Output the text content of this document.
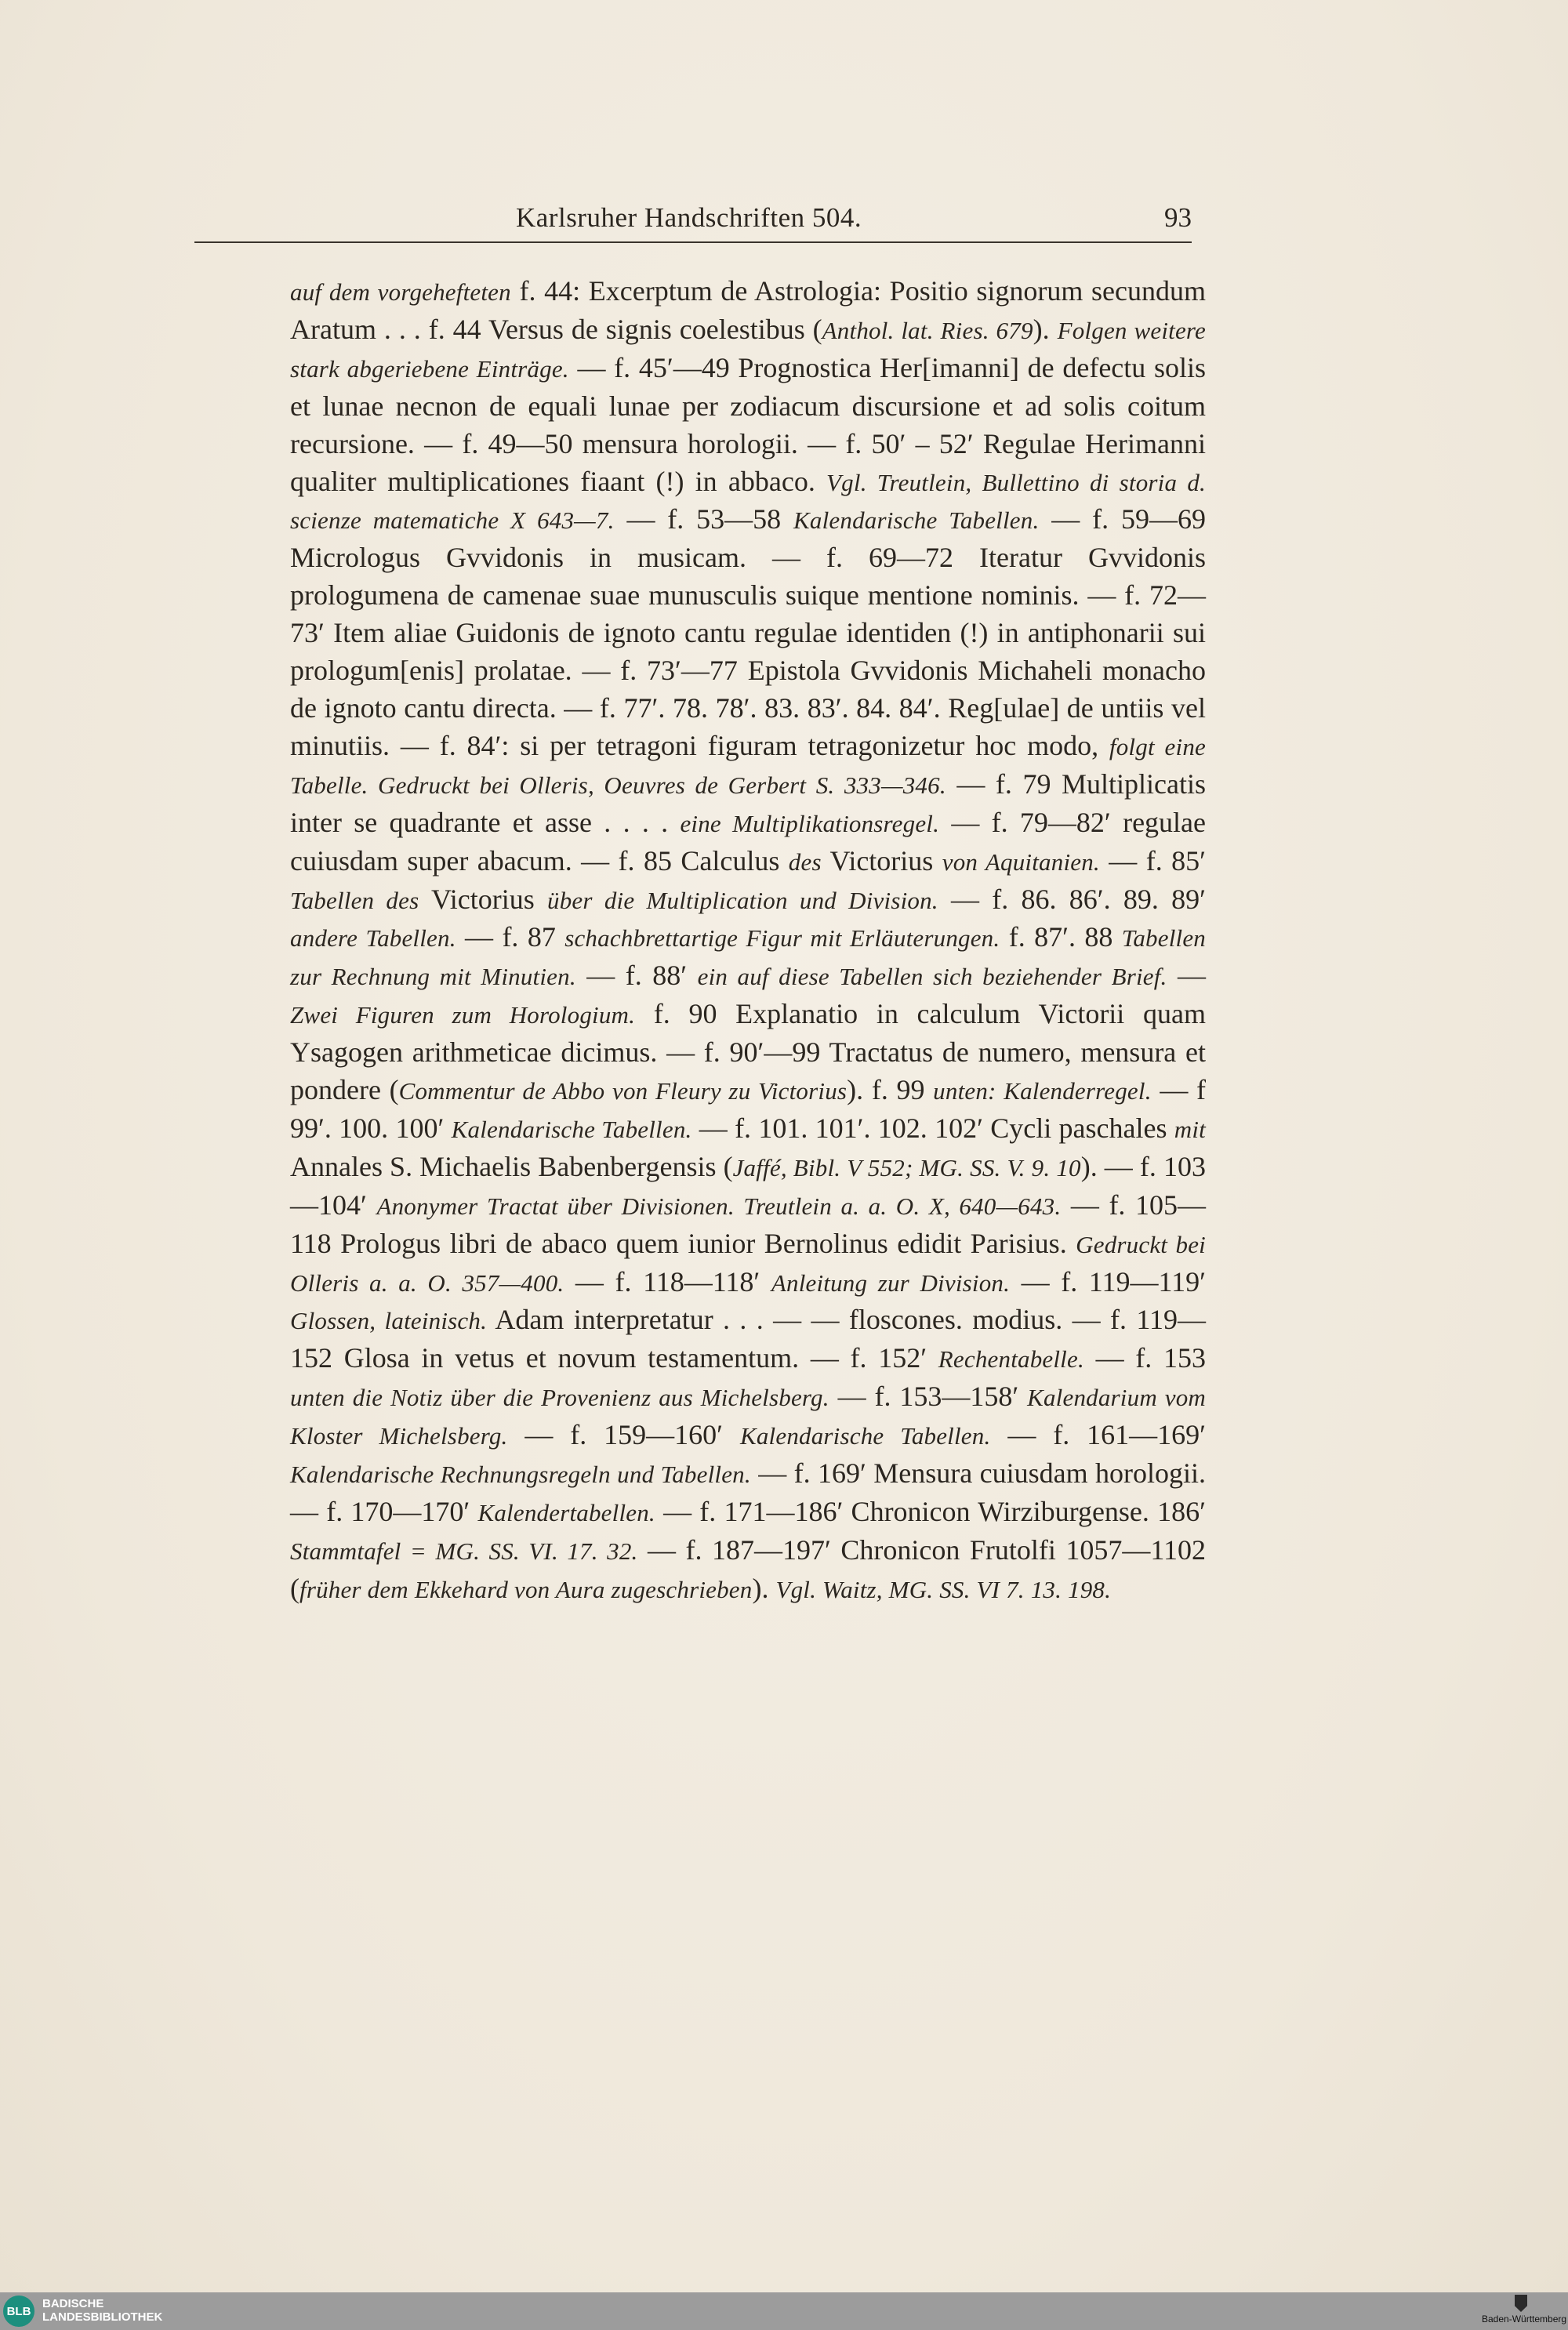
Karlsruher Handschriften 504.	93

auf dem vorgehefteten f. 44: Excerptum de Astrologia: Positio signorum secundum Aratum . . . f. 44 Versus de signis coelestibus (Anthol. lat. Ries. 679). Folgen weitere stark abgeriebene Einträge. — f. 45′—49 Prognostica Her[imanni] de defectu solis et lunae necnon de equali lunae per zodiacum discursione et ad solis coitum recursione. — f. 49—50 mensura horologii. — f. 50′ – 52′ Regulae Herimanni qualiter multiplicationes fiaant (!) in abbaco. Vgl. Treutlein, Bullettino di storia d. scienze matematiche X 643—7. — f. 53—58 Kalendarische Tabellen. — f. 59—69 Micrologus Gvvidonis in musicam. — f. 69—72 Iteratur Gvvidonis prologumena de camenae suae munusculis suique mentione nominis. — f. 72—73′ Item aliae Guidonis de ignoto cantu regulae identiden (!) in antiphonarii sui prologum[enis] prolatae. — f. 73′—77 Epistola Gvvidonis Michaheli monacho de ignoto cantu directa. — f. 77′. 78. 78′. 83. 83′. 84. 84′. Reg[ulae] de untiis vel minutiis. — f. 84′: si per tetragoni figuram tetragonizetur hoc modo, folgt eine Tabelle. Gedruckt bei Olleris, Oeuvres de Gerbert S. 333—346. — f. 79 Multiplicatis inter se quadrante et asse . . . . eine Multiplikationsregel. — f. 79—82′ regulae cuiusdam super abacum. — f. 85 Calculus des Victorius von Aquitanien. — f. 85′ Tabellen des Victorius über die Multiplication und Division. — f. 86. 86′. 89. 89′ andere Tabellen. — f. 87 schachbrettartige Figur mit Erläuterungen. f. 87′. 88 Tabellen zur Rechnung mit Minutien. — f. 88′ ein auf diese Tabellen sich beziehender Brief. — Zwei Figuren zum Horologium. f. 90 Explanatio in calculum Victorii quam Ysagogen arithmeticae dicimus. — f. 90′—99 Tractatus de numero, mensura et pondere (Commentur de Abbo von Fleury zu Victorius). f. 99 unten: Kalenderregel. — f 99′. 100. 100′ Kalendarische Tabellen. — f. 101. 101′. 102. 102′ Cycli paschales mit Annales S. Michaelis Babenbergensis (Jaffé, Bibl. V 552; MG. SS. V. 9. 10). — f. 103—104′ Anonymer Tractat über Divisionen. Treutlein a. a. O. X, 640—643. — f. 105—118 Prologus libri de abaco quem iunior Bernolinus edidit Parisius. Gedruckt bei Olleris a. a. O. 357—400. — f. 118—118′ Anleitung zur Division. — f. 119—119′ Glossen, lateinisch. Adam interpretatur . . . — — floscones. modius. — f. 119—152 Glosa in vetus et novum testamentum. — f. 152′ Rechentabelle. — f. 153 unten die Notiz über die Provenienz aus Michelsberg. — f. 153—158′ Kalendarium vom Kloster Michelsberg. — f. 159—160′ Kalendarische Tabellen. — f. 161—169′ Kalendarische Rechnungsregeln und Tabellen. — f. 169′ Mensura cuiusdam horologii. — f. 170—170′ Kalendertabellen. — f. 171—186′ Chronicon Wirziburgense. 186′ Stammtafel = MG. SS. VI. 17. 32. — f. 187—197′ Chronicon Frutolfi 1057—1102 (früher dem Ekkehard von Aura zugeschrieben). Vgl. Waitz, MG. SS. VI 7. 13. 198.

BLB
BADISCHE
LANDESBIBLIOTHEK	Baden-Württemberg
